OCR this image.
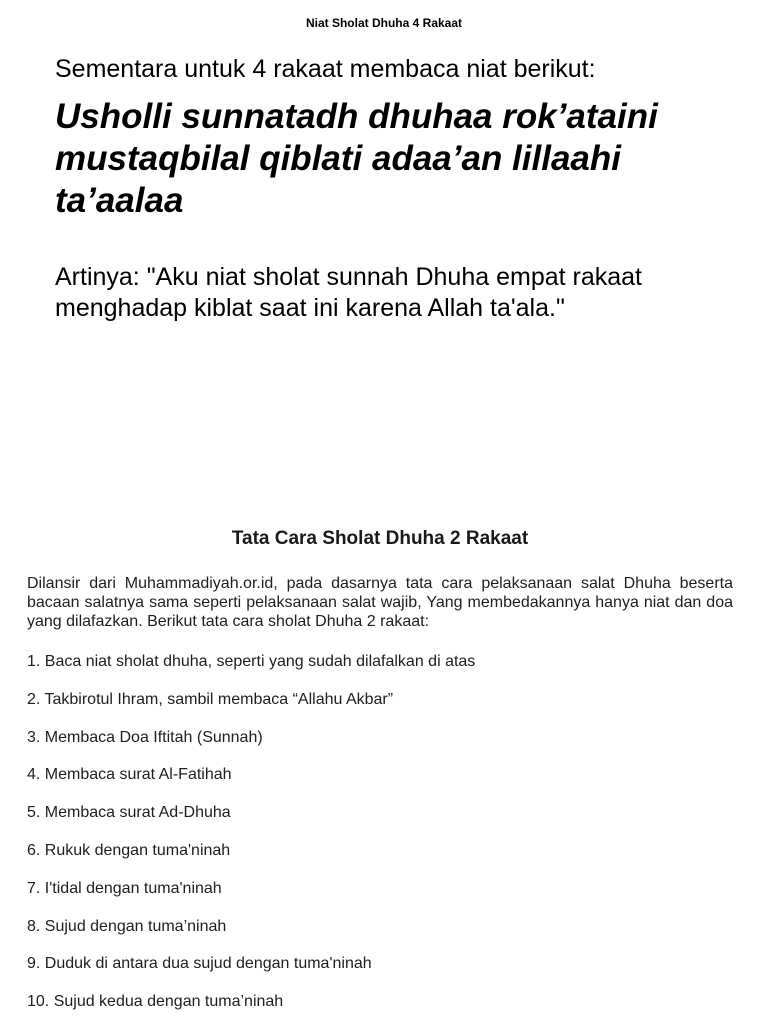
Niat Sholat Dhuha 4 Rakaat
Sementara untuk 4 rakaat membaca niat berikut:
Usholli sunnatadh dhuhaa rok’ataini mustaqbilal qiblati adaa’an lillaahi ta’aalaa
Artinya: "Aku niat sholat sunnah Dhuha empat rakaat menghadap kiblat saat ini karena Allah ta'ala."
Tata Cara Sholat Dhuha 2 Rakaat
Dilansir dari Muhammadiyah.or.id, pada dasarnya tata cara pelaksanaan salat Dhuha beserta bacaan salatnya sama seperti pelaksanaan salat wajib, Yang membedakannya hanya niat dan doa yang dilafazkan. Berikut tata cara sholat Dhuha 2 rakaat:
1. Baca niat sholat dhuha, seperti yang sudah dilafalkan di atas
2. Takbirotul Ihram, sambil membaca “Allahu Akbar”
3. Membaca Doa Iftitah (Sunnah)
4. Membaca surat Al-Fatihah
5. Membaca surat Ad-Dhuha
6. Rukuk dengan tuma'ninah
7. I'tidal dengan tuma'ninah
8. Sujud dengan tuma’ninah
9. Duduk di antara dua sujud dengan tuma'ninah
10. Sujud kedua dengan tuma’ninah
